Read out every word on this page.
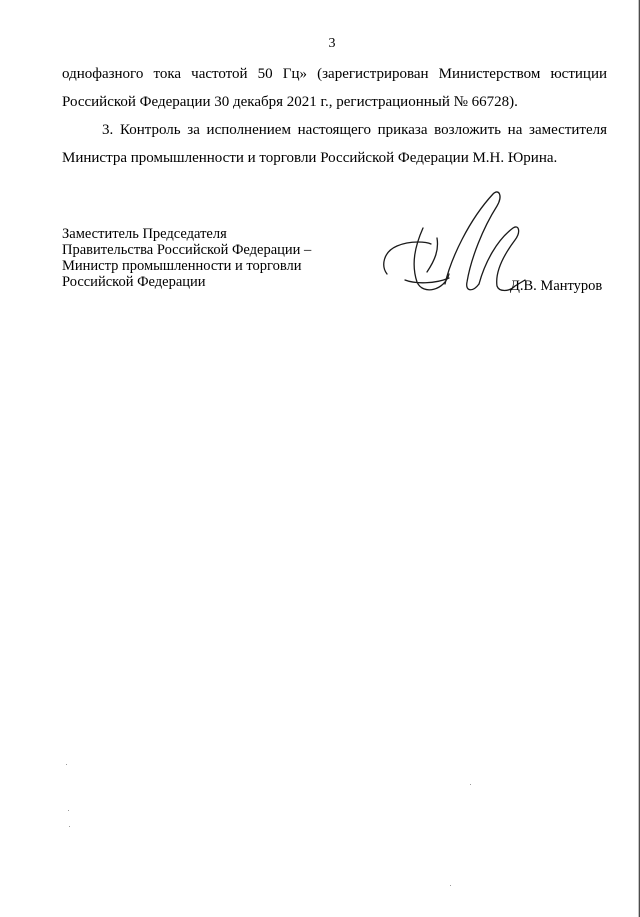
3
однофазного тока частотой 50 Гц» (зарегистрирован Министерством юстиции
Российской Федерации 30 декабря 2021 г., регистрационный № 66728).
3. Контроль за исполнением настоящего приказа возложить на заместителя
Министра промышленности и торговли Российской Федерации М.Н. Юрина.
Заместитель Председателя
Правительства Российской Федерации –
Министр промышленности и торговли
Российской Федерации	Д.В. Мантуров
